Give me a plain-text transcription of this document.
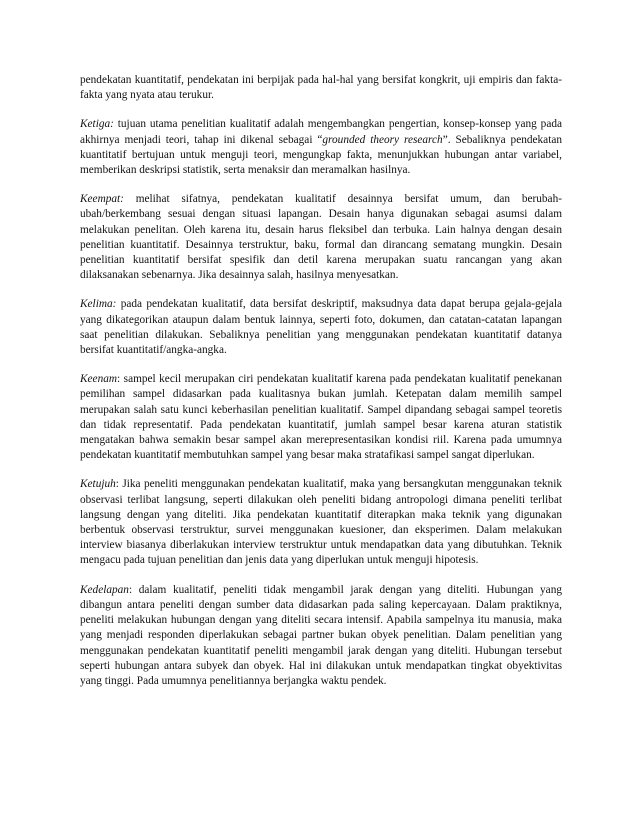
pendekatan kuantitatif, pendekatan ini berpijak pada hal-hal yang bersifat kongkrit, uji empiris dan fakta-fakta yang nyata atau terukur.

Ketiga: tujuan utama penelitian kualitatif adalah mengembangkan pengertian, konsep-konsep yang pada akhirnya menjadi teori, tahap ini dikenal sebagai “grounded theory research”. Sebaliknya pendekatan kuantitatif bertujuan untuk menguji teori, mengungkap fakta, menunjukkan hubungan antar variabel, memberikan deskripsi statistik, serta menaksir dan meramalkan hasilnya.

Keempat: melihat sifatnya, pendekatan kualitatif desainnya bersifat umum, dan berubah-ubah/berkembang sesuai dengan situasi lapangan. Desain hanya digunakan sebagai asumsi dalam melakukan penelitan. Oleh karena itu, desain harus fleksibel dan terbuka. Lain halnya dengan desain penelitian kuantitatif. Desainnya terstruktur, baku, formal dan dirancang sematang mungkin. Desain penelitian kuantitatif bersifat spesifik dan detil karena merupakan suatu rancangan yang akan dilaksanakan sebenarnya. Jika desainnya salah, hasilnya menyesatkan.

Kelima: pada pendekatan kualitatif, data bersifat deskriptif, maksudnya data dapat berupa gejala-gejala yang dikategorikan ataupun dalam bentuk lainnya, seperti foto, dokumen, dan catatan-catatan lapangan saat penelitian dilakukan. Sebaliknya penelitian yang menggunakan pendekatan kuantitatif datanya bersifat kuantitatif/angka-angka.

Keenam: sampel kecil merupakan ciri pendekatan kualitatif karena pada pendekatan kualitatif penekanan pemilihan sampel didasarkan pada kualitasnya bukan jumlah. Ketepatan dalam memilih sampel merupakan salah satu kunci keberhasilan penelitian kualitatif. Sampel dipandang sebagai sampel teoretis dan tidak representatif. Pada pendekatan kuantitatif, jumlah sampel besar karena aturan statistik mengatakan bahwa semakin besar sampel akan merepresentasikan kondisi riil. Karena pada umumnya pendekatan kuantitatif membutuhkan sampel yang besar maka stratafikasi sampel sangat diperlukan.

Ketujuh: Jika peneliti menggunakan pendekatan kualitatif, maka yang bersangkutan menggunakan teknik observasi terlibat langsung, seperti dilakukan oleh peneliti bidang antropologi dimana peneliti terlibat langsung dengan yang diteliti. Jika pendekatan kuantitatif diterapkan maka teknik yang digunakan berbentuk observasi terstruktur, survei menggunakan kuesioner, dan eksperimen. Dalam melakukan interview biasanya diberlakukan interview terstruktur untuk mendapatkan data yang dibutuhkan. Teknik mengacu pada tujuan penelitian dan jenis data yang diperlukan untuk menguji hipotesis.

Kedelapan: dalam kualitatif, peneliti tidak mengambil jarak dengan yang diteliti. Hubungan yang dibangun antara peneliti dengan sumber data didasarkan pada saling kepercayaan. Dalam praktiknya, peneliti melakukan hubungan dengan yang diteliti secara intensif. Apabila sampelnya itu manusia, maka yang menjadi responden diperlakukan sebagai partner bukan obyek penelitian. Dalam penelitian yang menggunakan pendekatan kuantitatif peneliti mengambil jarak dengan yang diteliti. Hubungan tersebut seperti hubungan antara subyek dan obyek. Hal ini dilakukan untuk mendapatkan tingkat obyektivitas yang tinggi. Pada umumnya penelitiannya berjangka waktu pendek.
